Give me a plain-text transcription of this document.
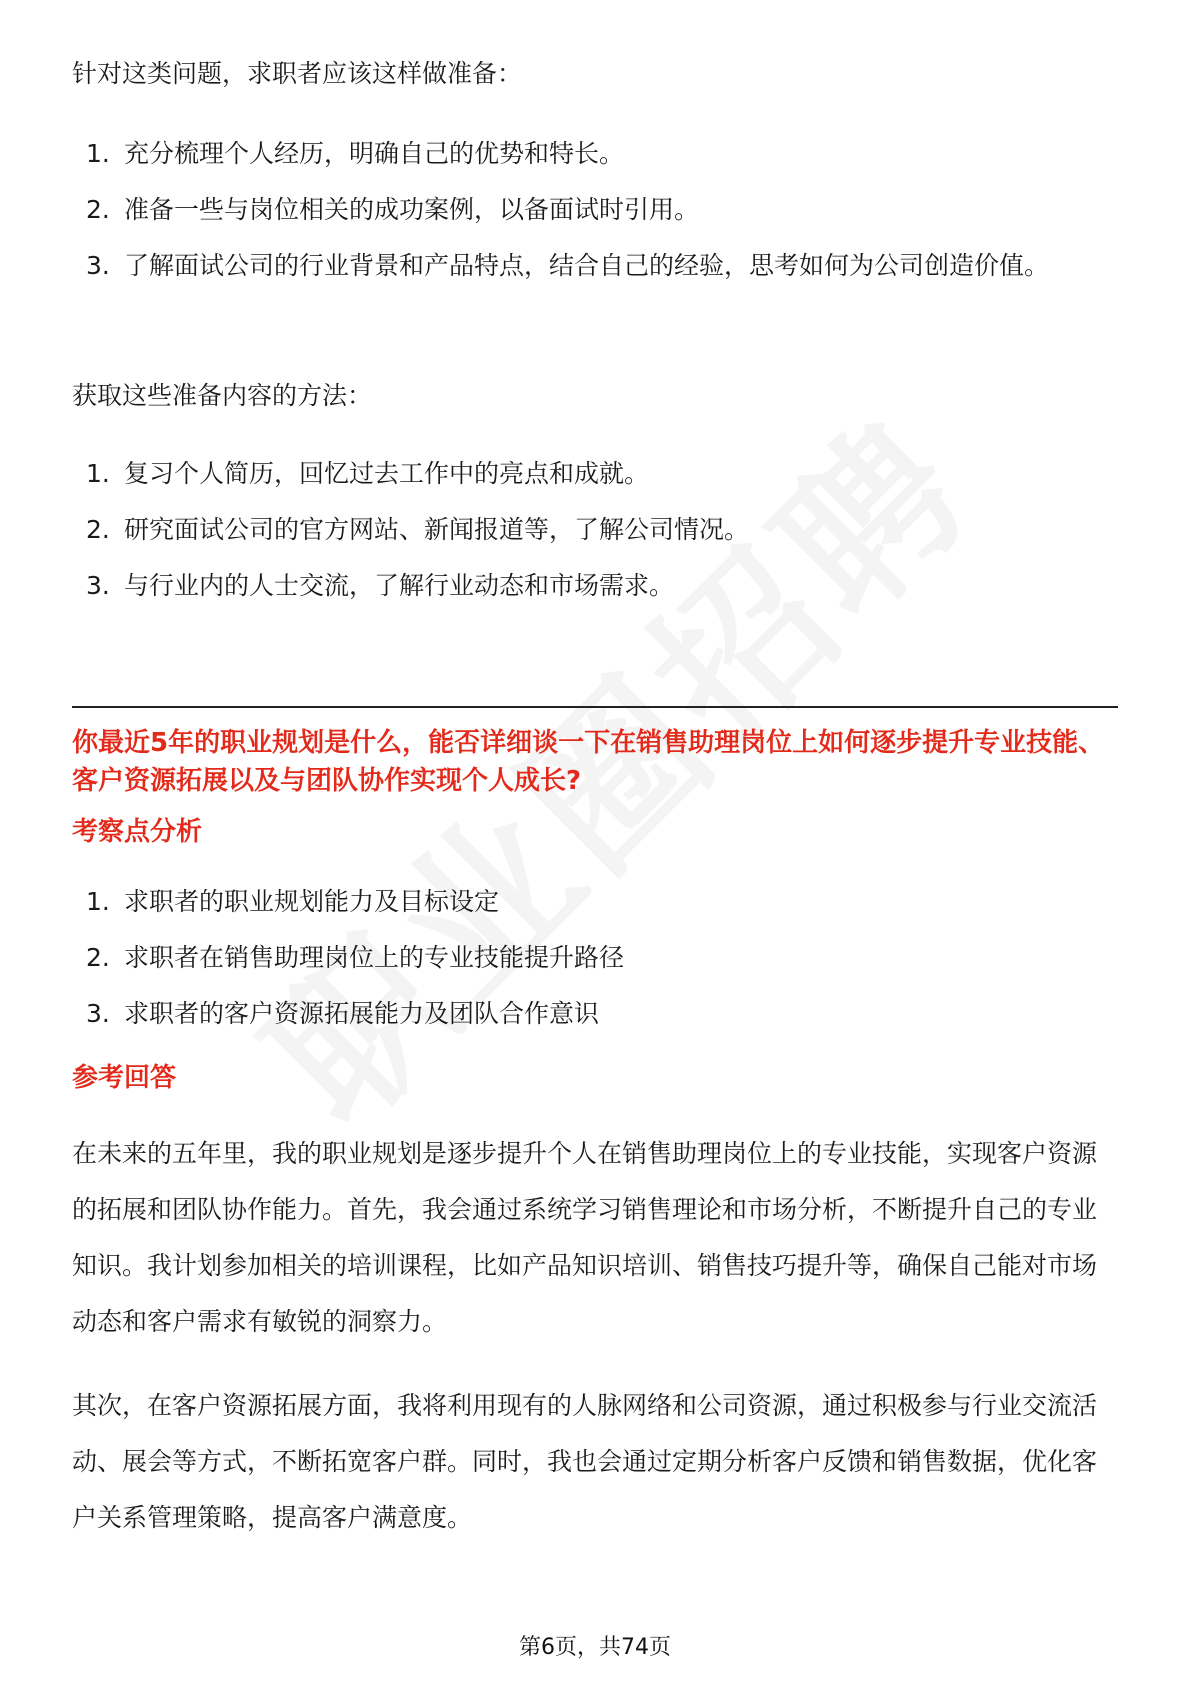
针对这类问题，求职者应该这样做准备：

1. 充分梳理个人经历，明确自己的优势和特长。
2. 准备一些与岗位相关的成功案例，以备面试时引用。
3. 了解面试公司的行业背景和产品特点，结合自己的经验，思考如何为公司创造价值。

获取这些准备内容的方法：

1. 复习个人简历，回忆过去工作中的亮点和成就。
2. 研究面试公司的官方网站、新闻报道等，了解公司情况。
3. 与行业内的人士交流，了解行业动态和市场需求。

你最近5年的职业规划是什么，能否详细谈一下在销售助理岗位上如何逐步提升专业技能、客户资源拓展以及与团队协作实现个人成长?

考察点分析
1. 求职者的职业规划能力及目标设定
2. 求职者在销售助理岗位上的专业技能提升路径
3. 求职者的客户资源拓展能力及团队合作意识
参考回答

在未来的五年里，我的职业规划是逐步提升个人在销售助理岗位上的专业技能，实现客户资源的拓展和团队协作能力。首先，我会通过系统学习销售理论和市场分析，不断提升自己的专业知识。我计划参加相关的培训课程，比如产品知识培训、销售技巧提升等，确保自己能对市场动态和客户需求有敏锐的洞察力。

其次，在客户资源拓展方面，我将利用现有的人脉网络和公司资源，通过积极参与行业交流活动、展会等方式，不断拓宽客户群。同时，我也会通过定期分析客户反馈和销售数据，优化客户关系管理策略，提高客户满意度。

第6页，共74页
